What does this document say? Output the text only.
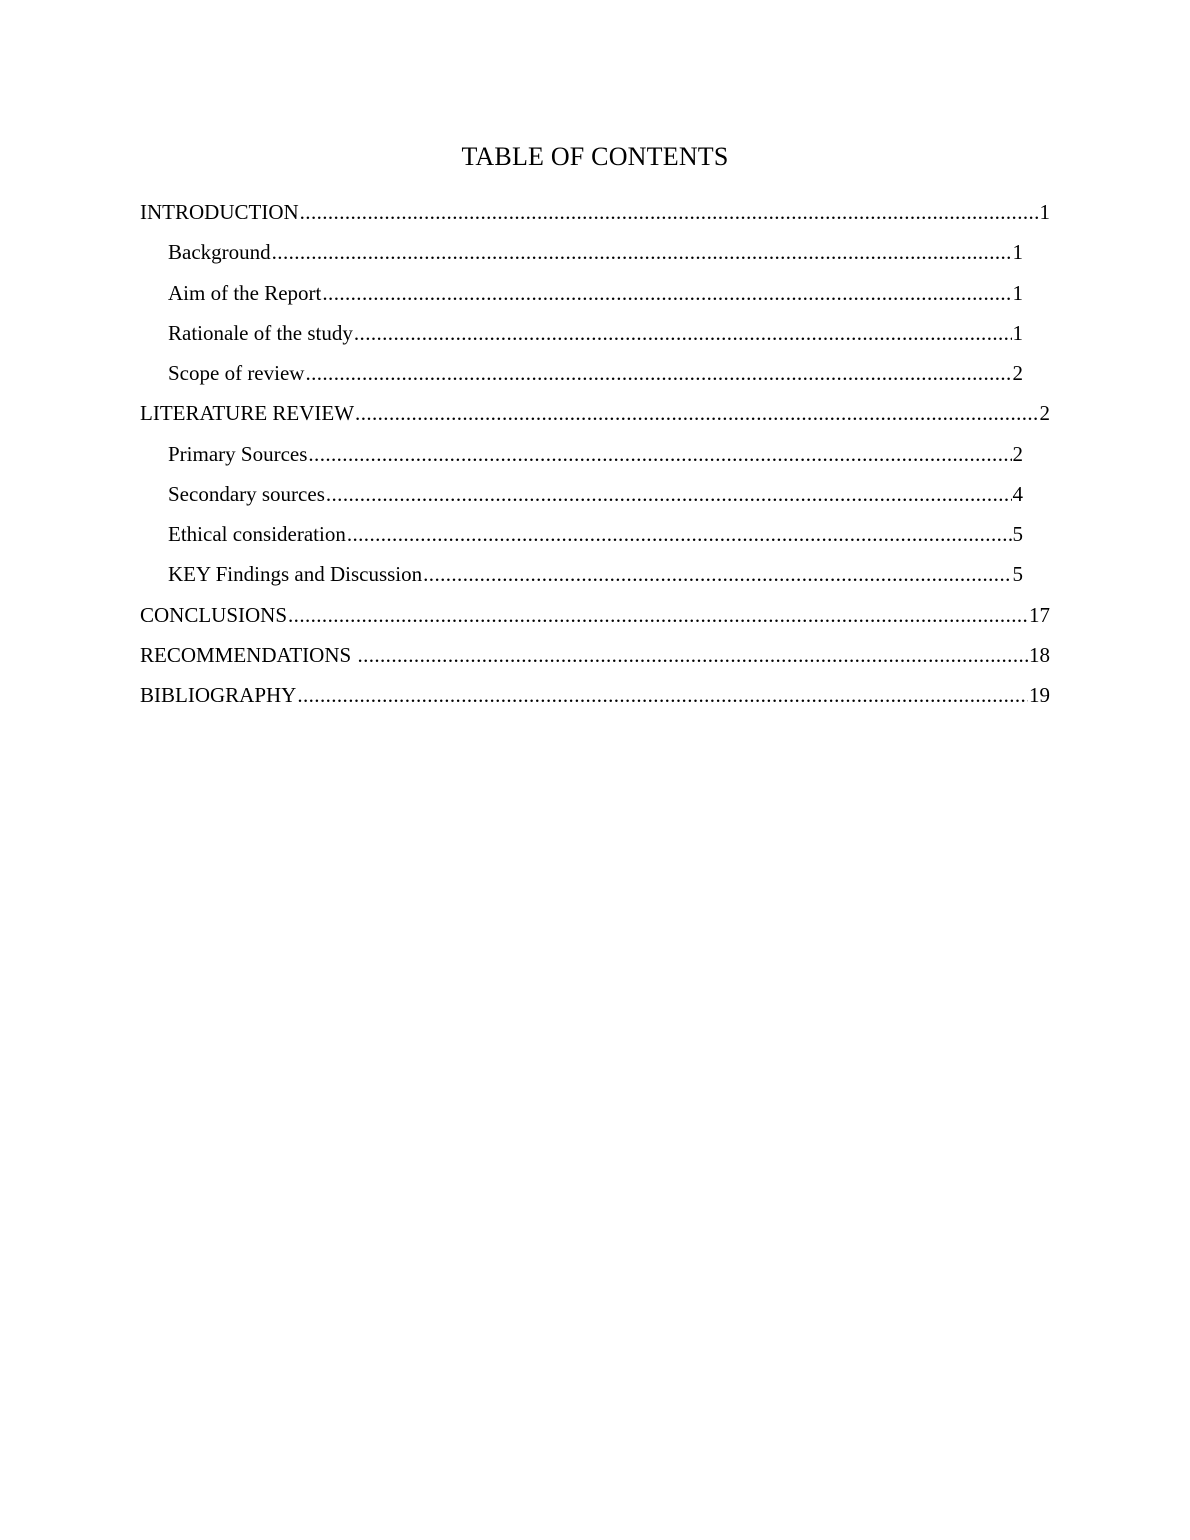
TABLE OF CONTENTS
INTRODUCTION .....	1
Background .....	1
Aim of the Report .....	1
Rationale of the study .....	1
Scope of review .....	2
LITERATURE REVIEW .....	2
Primary Sources .....	2
Secondary sources .....	4
Ethical consideration .....	5
KEY Findings and Discussion .....	5
CONCLUSIONS .....	17
RECOMMENDATIONS .....	18
BIBLIOGRAPHY .....	19
